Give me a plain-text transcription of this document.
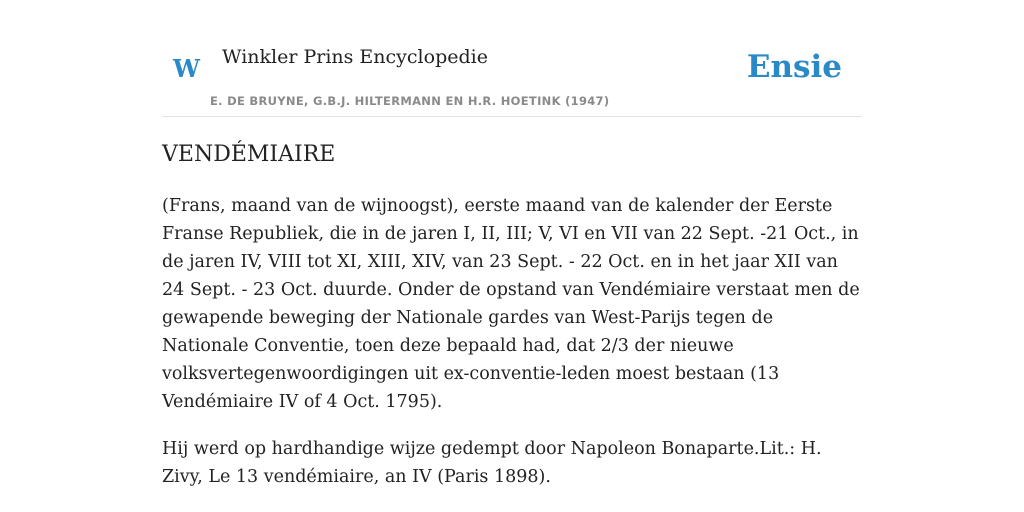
W Winkler Prins Encyclopedie
E. DE BRUYNE, G.B.J. HILTERMANN EN H.R. HOETINK (1947)
Ensie
VENDÉMIAIRE

(Frans, maand van de wijnoogst), eerste maand van de kalender der Eerste Franse Republiek, die in de jaren I, II, III; V, VI en VII van 22 Sept. -21 Oct., in de jaren IV, VIII tot XI, XIII, XIV, van 23 Sept. - 22 Oct. en in het jaar XII van 24 Sept. - 23 Oct. duurde. Onder de opstand van Vendémiaire verstaat men de gewapende beweging der Nationale gardes van West-Parijs tegen de Nationale Conventie, toen deze bepaald had, dat 2/3 der nieuwe volksvertegenwoordigingen uit ex-conventie-leden moest bestaan (13 Vendémiaire IV of 4 Oct. 1795).

Hij werd op hardhandige wijze gedempt door Napoleon Bonaparte.Lit.: H. Zivy, Le 13 vendémiaire, an IV (Paris 1898).
